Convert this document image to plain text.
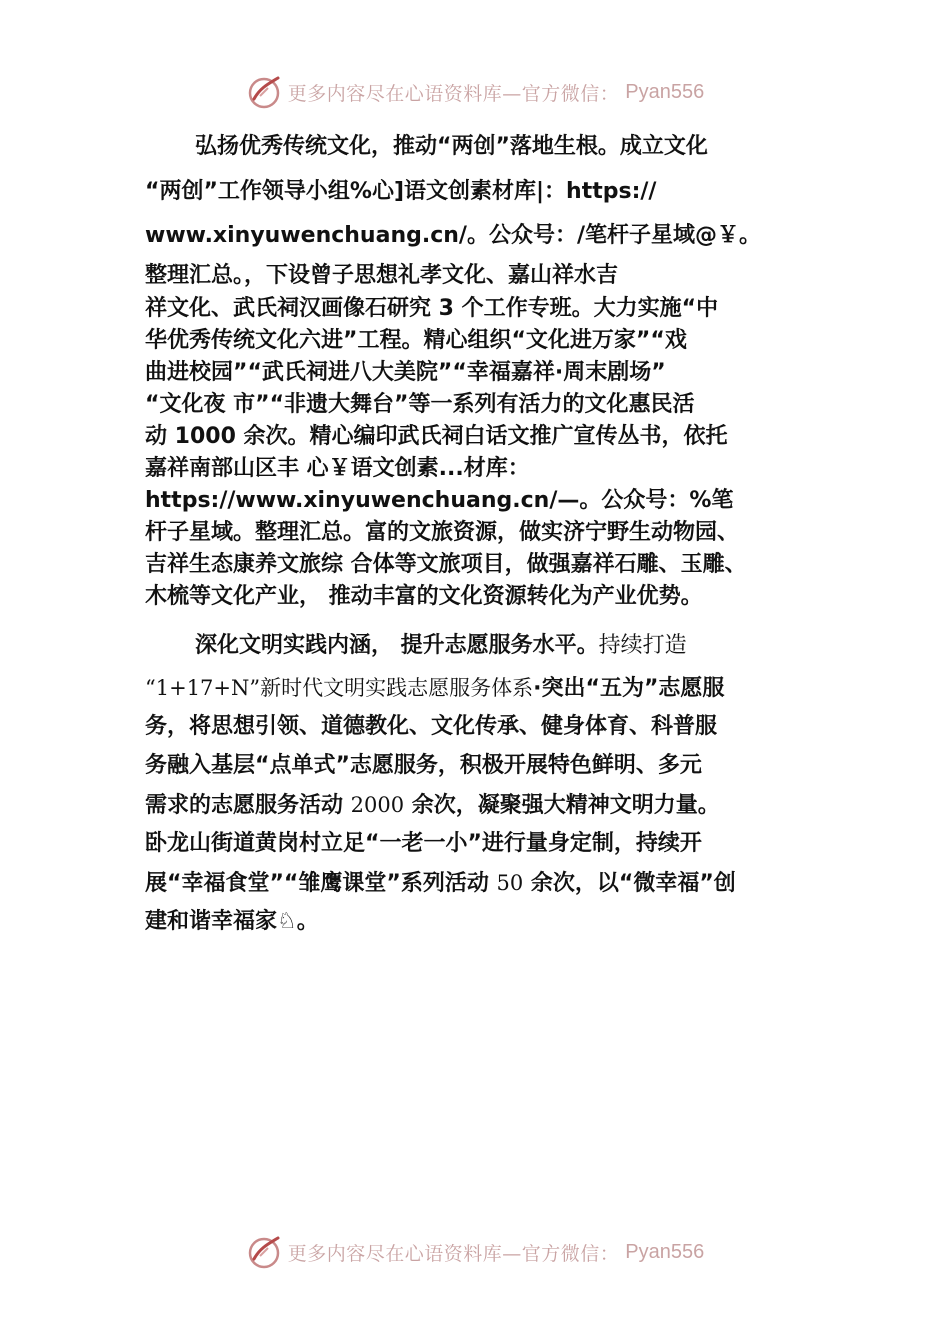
更多内容尽在心语资料库—官方微信： Pyan556
弘扬优秀传统文化，推动“两创”落地生根。成立文化
“两创”工作领导小组%心]语文创素材库|：https://
www.xinyuwenchuang.cn/。公众号：/笔杆子星域@￥。
整理汇总。，下设曾子思想礼孝文化、嘉山祥水吉
祥文化、武氏祠汉画像石研究 3 个工作专班。大力实施“中
华优秀传统文化六进”工程。精心组织“文化进万家”“戏
曲进校园”“武氏祠进八大美院”“幸福嘉祥·周末剧场”
“文化夜 市”“非遗大舞台”等一系列有活力的文化惠民活
动 1000 余次。精心编印武氏祠白话文推广宣传丛书，依托
嘉祥南部山区丰 心￥语文创素...材库：
https://www.xinyuwenchuang.cn/—。公众号：%笔
杆子星域。整理汇总。富的文旅资源，做实济宁野生动物园、
吉祥生态康养文旅综 合体等文旅项目，做强嘉祥石雕、玉雕、
木梳等文化产业， 推动丰富的文化资源转化为产业优势。
深化文明实践内涵， 提升志愿服务水平。持续打造
“1+17+N”新时代文明实践志愿服务体系·突出“五为”志愿服
务，将思想引领、道德教化、文化传承、健身体育、科普服
务融入基层“点单式”志愿服务，积极开展特色鲜明、多元
需求的志愿服务活动 2000 余次，凝聚强大精神文明力量。
卧龙山街道黄岗村立足“一老一小”进行量身定制，持续开
展“幸福食堂”“雏鹰课堂”系列活动 50 余次，以“微幸福”创
建和谐幸福家♘。
更多内容尽在心语资料库—官方微信： Pyan556
